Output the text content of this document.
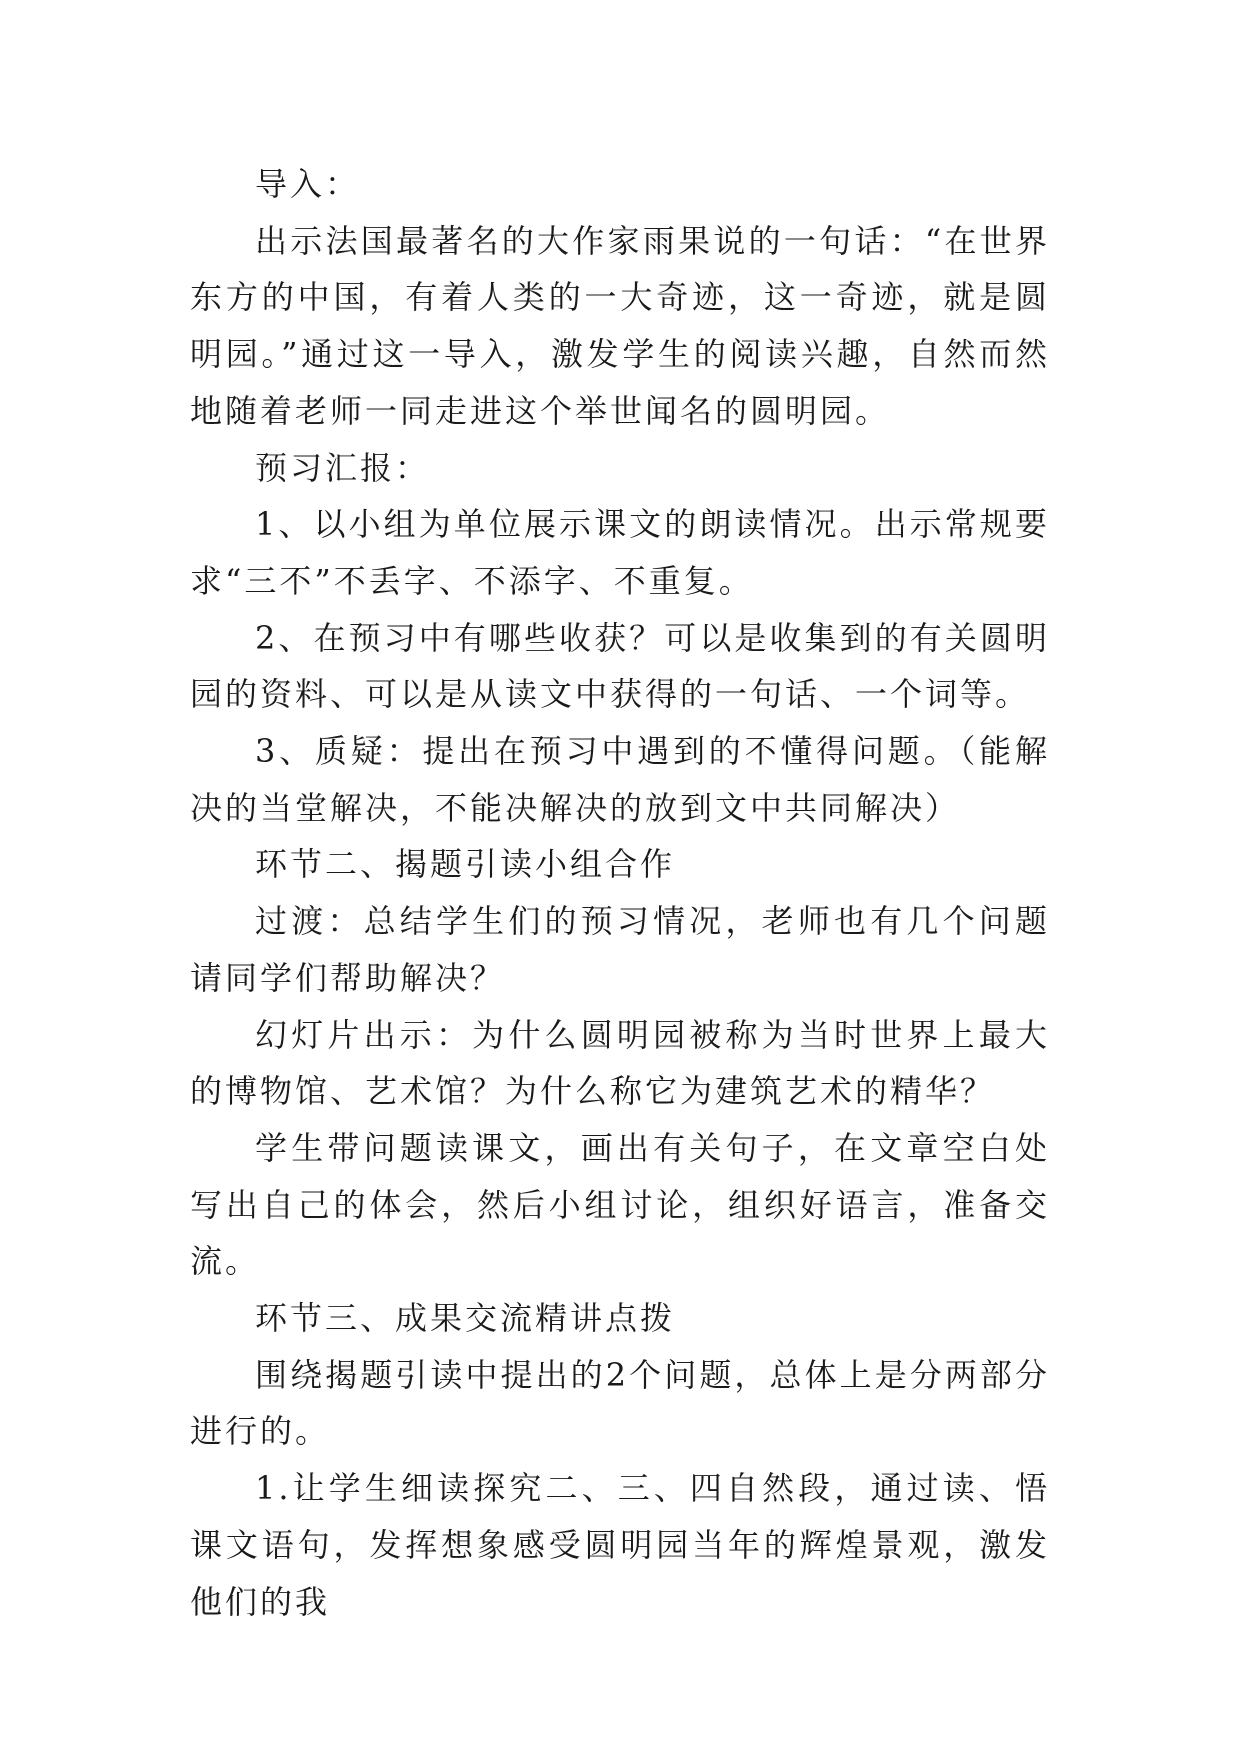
导入：

出示法国最著名的大作家雨果说的一句话：“在世界东方的中国，有着人类的一大奇迹，这一奇迹，就是圆明园。”通过这一导入，激发学生的阅读兴趣，自然而然地随着老师一同走进这个举世闻名的圆明园。

预习汇报：

1、以小组为单位展示课文的朗读情况。出示常规要求“三不”不丢字、不添字、不重复。

2、在预习中有哪些收获？可以是收集到的有关圆明园的资料、可以是从读文中获得的一句话、一个词等。

3、质疑：提出在预习中遇到的不懂得问题。（能解决的当堂解决，不能决解决的放到文中共同解决）

环节二、揭题引读小组合作

过渡：总结学生们的预习情况，老师也有几个问题请同学们帮助解决？

幻灯片出示：为什么圆明园被称为当时世界上最大的博物馆、艺术馆？为什么称它为建筑艺术的精华？

学生带问题读课文，画出有关句子，在文章空白处写出自己的体会，然后小组讨论，组织好语言，准备交流。

环节三、成果交流精讲点拨

围绕揭题引读中提出的2个问题，总体上是分两部分进行的。

1.让学生细读探究二、三、四自然段，通过读、悟课文语句，发挥想象感受圆明园当年的辉煌景观，激发他们的我
